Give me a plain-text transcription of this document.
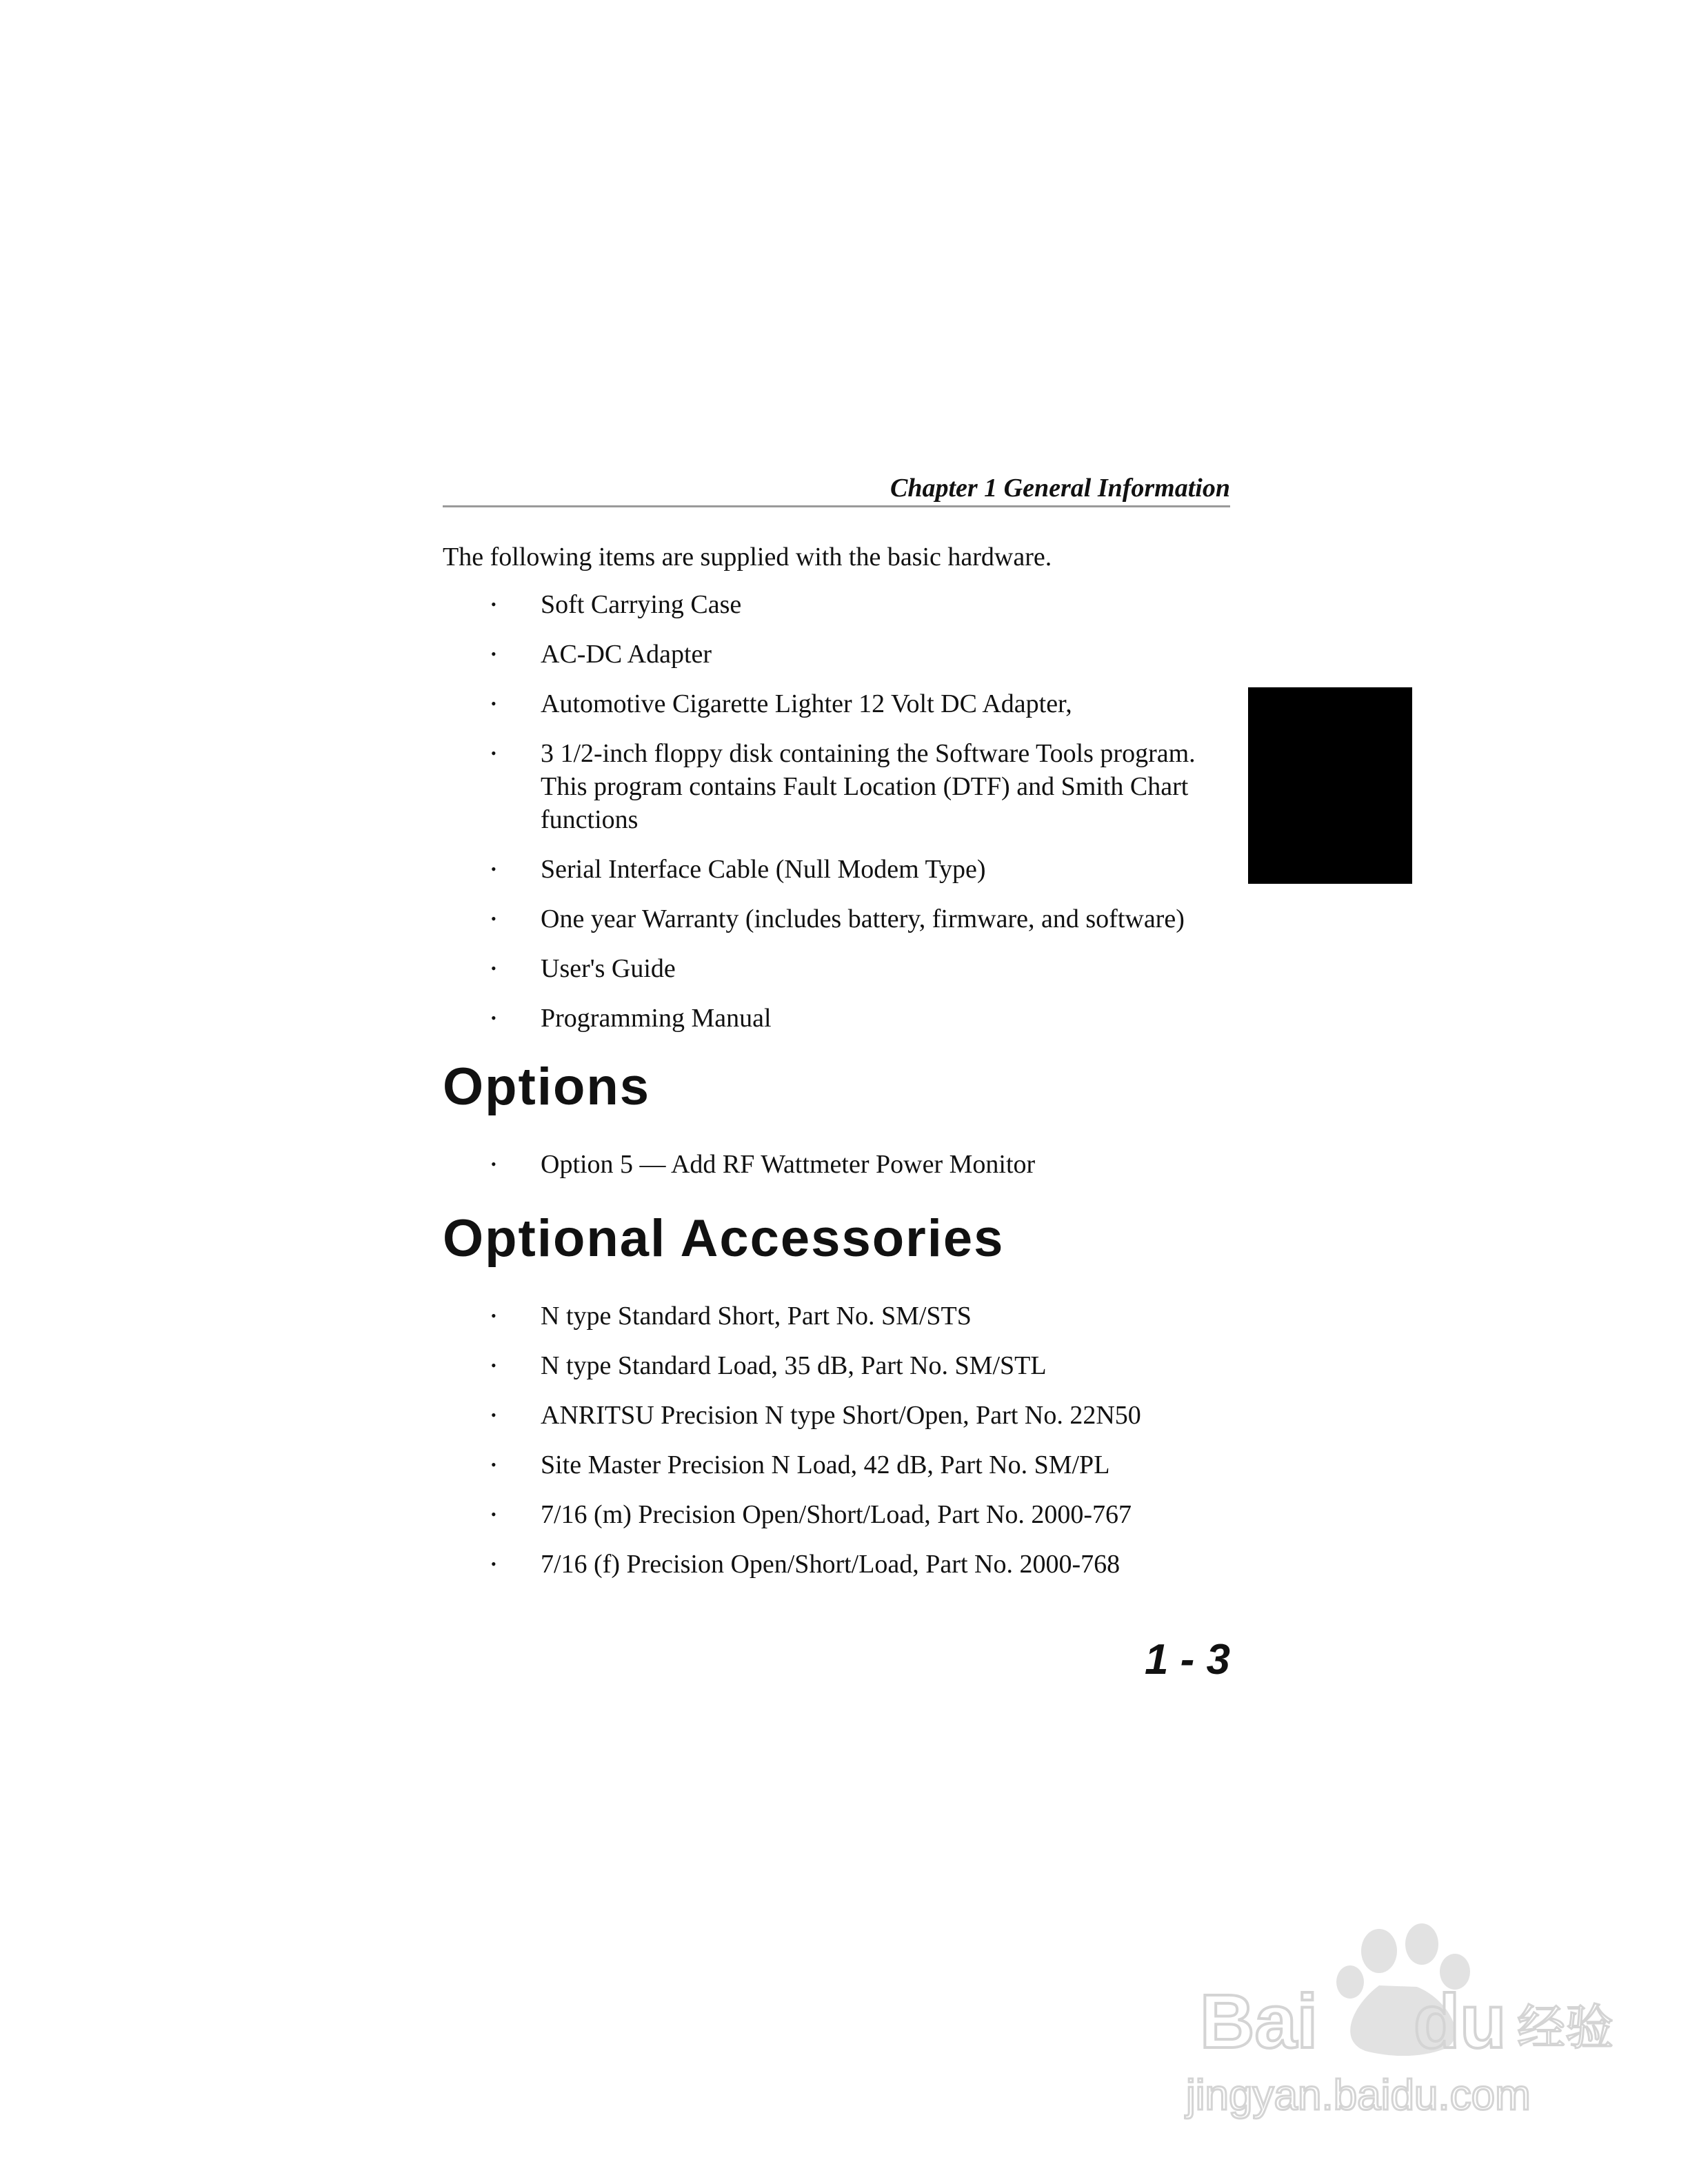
Chapter 1 General Information

The following items are supplied with the basic hardware.

• Soft Carrying Case
• AC-DC Adapter
• Automotive Cigarette Lighter 12 Volt DC Adapter,
• 3 1/2-inch floppy disk containing the Software Tools program. This program contains Fault Location (DTF) and Smith Chart functions
• Serial Interface Cable (Null Modem Type)
• One year Warranty (includes battery, firmware, and software)
• User's Guide
• Programming Manual
Options
• Option 5 — Add RF Wattmeter Power Monitor
Optional Accessories
• N type Standard Short, Part No. SM/STS
• N type Standard Load, 35 dB, Part No. SM/STL
• ANRITSU Precision N type Short/Open, Part No. 22N50
• Site Master Precision N Load, 42 dB, Part No. SM/PL
• 7/16 (m) Precision Open/Short/Load, Part No. 2000-767
• 7/16 (f) Precision Open/Short/Load, Part No. 2000-768

1 - 3

Bai du 经验
jingyan.baidu.com
